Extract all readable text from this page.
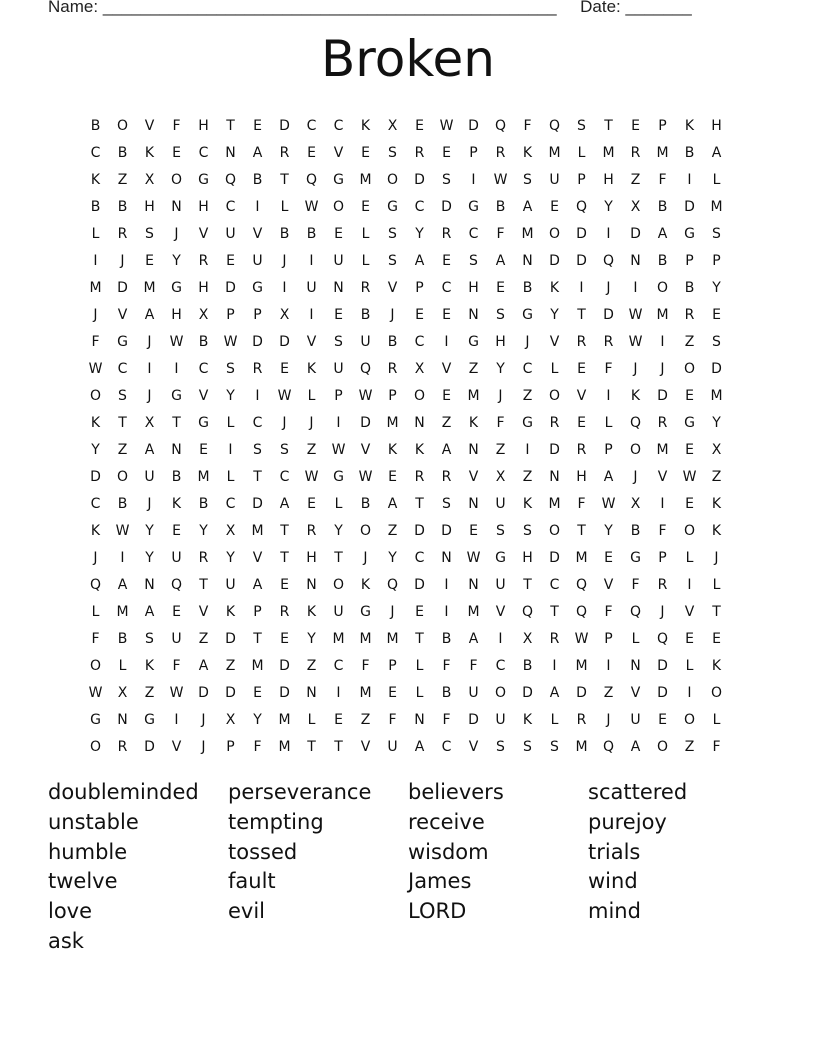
Name: ________________________________________________ Date: _______
Broken
B	O	V	F	H	T	E	D	C	C	K	X	E	W	D	Q	F	Q	S	T	E	P	K	H
C	B	K	E	C	N	A	R	E	V	E	S	R	E	P	R	K	M	L	M	R	M	B	A
K	Z	X	O	G	Q	B	T	Q	G	M	O	D	S	I	W	S	U	P	H	Z	F	I	L
B	B	H	N	H	C	I	L	W	O	E	G	C	D	G	B	A	E	Q	Y	X	B	D	M
L	R	S	J	V	U	V	B	B	E	L	S	Y	R	C	F	M	O	D	I	D	A	G	S
I	J	E	Y	R	E	U	J	I	U	L	S	A	E	S	A	N	D	D	Q	N	B	P	P
M	D	M	G	H	D	G	I	U	N	R	V	P	C	H	E	B	K	I	J	I	O	B	Y
J	V	A	H	X	P	P	X	I	E	B	J	E	E	N	S	G	Y	T	D	W	M	R	E
F	G	J	W	B	W	D	D	V	S	U	B	C	I	G	H	J	V	R	R	W	I	Z	S
W	C	I	I	C	S	R	E	K	U	Q	R	X	V	Z	Y	C	L	E	F	J	J	O	D
O	S	J	G	V	Y	I	W	L	P	W	P	O	E	M	J	Z	O	V	I	K	D	E	M
K	T	X	T	G	L	C	J	J	I	D	M	N	Z	K	F	G	R	E	L	Q	R	G	Y
Y	Z	A	N	E	I	S	S	Z	W	V	K	K	A	N	Z	I	D	R	P	O	M	E	X
D	O	U	B	M	L	T	C	W	G	W	E	R	R	V	X	Z	N	H	A	J	V	W	Z
C	B	J	K	B	C	D	A	E	L	B	A	T	S	N	U	K	M	F	W	X	I	E	K
K	W	Y	E	Y	X	M	T	R	Y	O	Z	D	D	E	S	S	O	T	Y	B	F	O	K
J	I	Y	U	R	Y	V	T	H	T	J	Y	C	N	W	G	H	D	M	E	G	P	L	J
Q	A	N	Q	T	U	A	E	N	O	K	Q	D	I	N	U	T	C	Q	V	F	R	I	L
L	M	A	E	V	K	P	R	K	U	G	J	E	I	M	V	Q	T	Q	F	Q	J	V	T
F	B	S	U	Z	D	T	E	Y	M	M	M	T	B	A	I	X	R	W	P	L	Q	E	E
O	L	K	F	A	Z	M	D	Z	C	F	P	L	F	F	C	B	I	M	I	N	D	L	K
W	X	Z	W	D	D	E	D	N	I	M	E	L	B	U	O	D	A	D	Z	V	D	I	O
G	N	G	I	J	X	Y	M	L	E	Z	F	N	F	D	U	K	L	R	J	U	E	O	L
O	R	D	V	J	P	F	M	T	T	V	U	A	C	V	S	S	S	M	Q	A	O	Z	F
doubleminded	perseverance	believers	scattered
unstable	tempting	receive	purejoy
humble	tossed	wisdom	trials
twelve	fault	James	wind
love	evil	LORD	mind
ask
